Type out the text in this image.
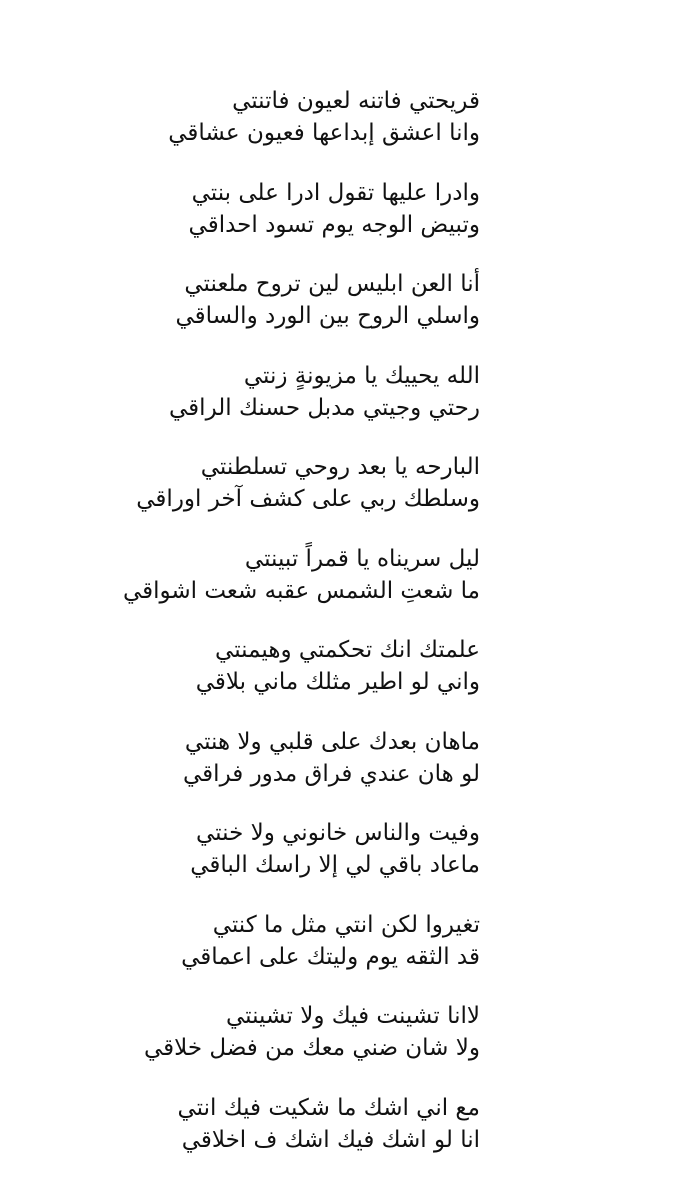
قريحتي فاتنه لعيون فاتنتي
وانا اعشق إبداعها فعيون عشاقي
وادرا عليها تقول ادرا على بنتي
وتبيض الوجه يوم تسود احداقي
أنا العن ابليس لين تروح ملعنتي
واسلي الروح بين الورد والساقي
الله يحييك يا مزيونةٍ زنتي
رحتي وجيتي مدبل حسنك الراقي
البارحه يا بعد روحي تسلطنتي
وسلطك ربي على كشف آخر اوراقي
ليل سريناه يا قمراً تبينتي
ما شعتِ الشمس عقبه شعت اشواقي
علمتك انك تحكمتي وهيمنتي
واني لو اطير مثلك ماني بلاقي
ماهان بعدك على قلبي ولا هنتي
لو هان عندي فراق مدور فراقي
وفيت والناس خانوني ولا خنتي
ماعاد باقي لي إلا راسك الباقي
تغيروا لكن انتي مثل ما كنتي
قد الثقه يوم وليتك على اعماقي
لاانا تشينت فيك ولا تشينتي
ولا شان ضني معك من فضل خلاقي
مع اني اشك ما شكيت فيك انتي
انا لو اشك فيك اشك ف اخلاقي
